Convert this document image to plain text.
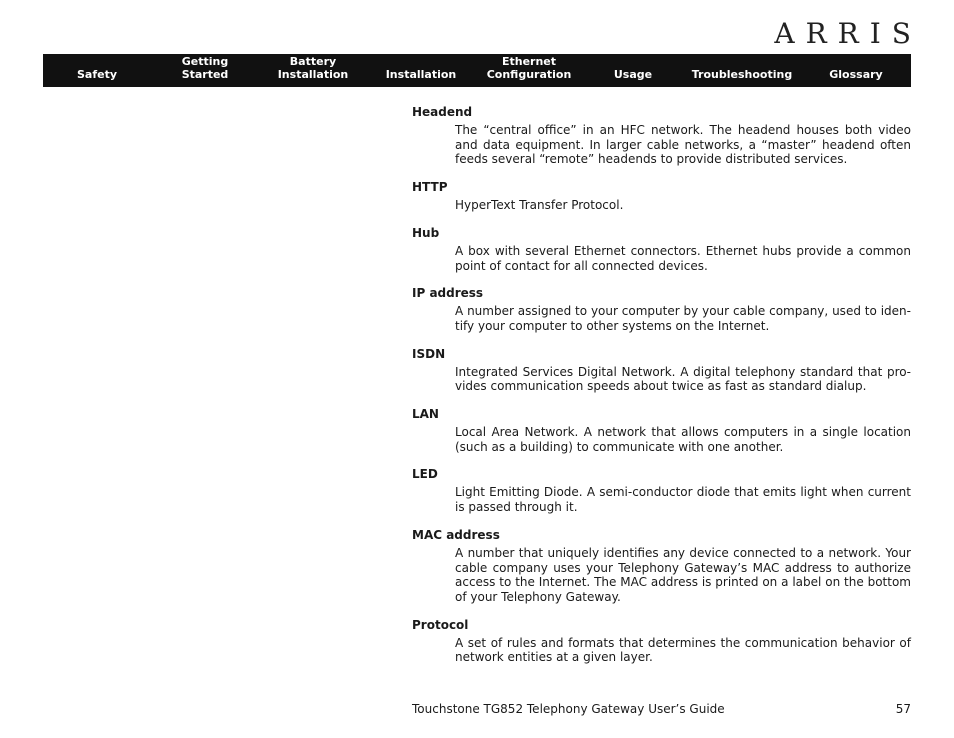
ARRIS
Safety
Getting
Started
Battery
Installation	Installation
Ethernet
Configuration	Usage	Troubleshooting	Glossary

Headend

The “central office” in an HFC network. The headend houses both video and data equipment. In larger cable networks, a “master” headend often feeds several “remote” headends to provide distributed services.

HTTP

HyperText Transfer Protocol.

Hub

A box with several Ethernet connectors. Ethernet hubs provide a common point of contact for all connected devices.

IP address

A number assigned to your computer by your cable company, used to identify your computer to other systems on the Internet.

ISDN

Integrated Services Digital Network. A digital telephony standard that provides communication speeds about twice as fast as standard dialup.

LAN

Local Area Network. A network that allows computers in a single location (such as a building) to communicate with one another.

LED

Light Emitting Diode. A semi-conductor diode that emits light when current is passed through it.

MAC address

A number that uniquely identifies any device connected to a network. Your cable company uses your Telephony Gateway’s MAC address to authorize access to the Internet. The MAC address is printed on a label on the bottom of your Telephony Gateway.

Protocol

A set of rules and formats that determines the communication behavior of network entities at a given layer.

Touchstone TG852 Telephony Gateway User’s Guide	57
